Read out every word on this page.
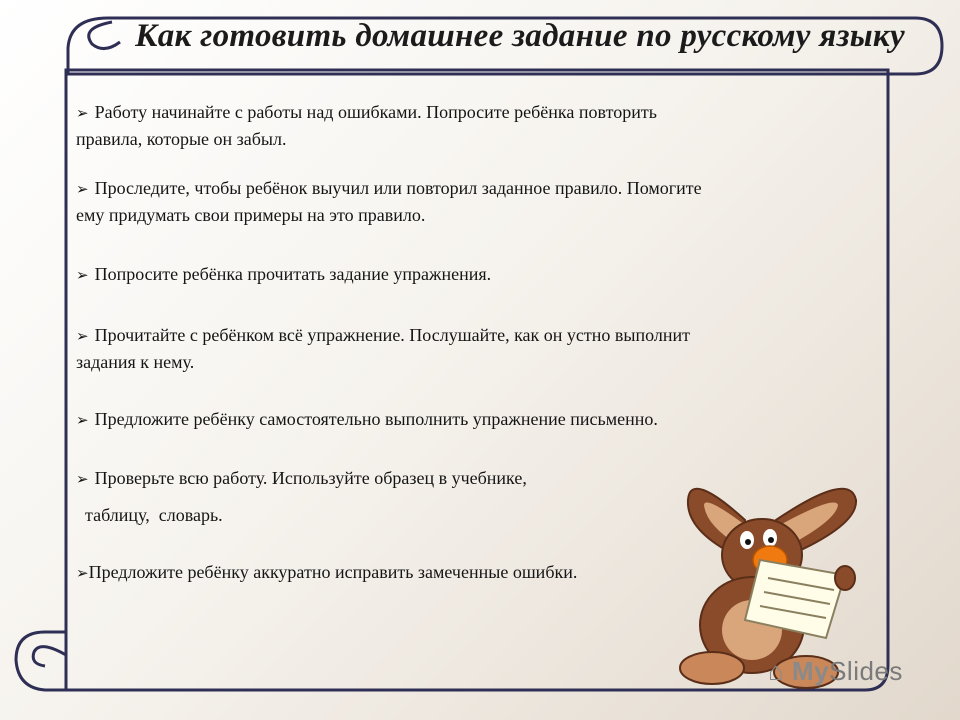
Как готовить домашнее задание по русскому языку
➢ Работу начинайте с работы над ошибками. Попросите ребёнка повторить
правила, которые он забыл.
➢ Проследите, чтобы ребёнок выучил или повторил заданное правило. Помогите
ему придумать свои примеры на это правило.
➢ Попросите ребёнка прочитать задание упражнения.
➢ Прочитайте с ребёнком всё упражнение. Послушайте, как он устно выполнит
задания к нему.
➢ Предложите ребёнку самостоятельно выполнить упражнение письменно.
➢ Проверьте всю работу. Используйте образец в учебнике,
таблицу,  словарь.
➢Предложите ребёнку аккуратно исправить замеченные ошибки.
⌂ MySlides
